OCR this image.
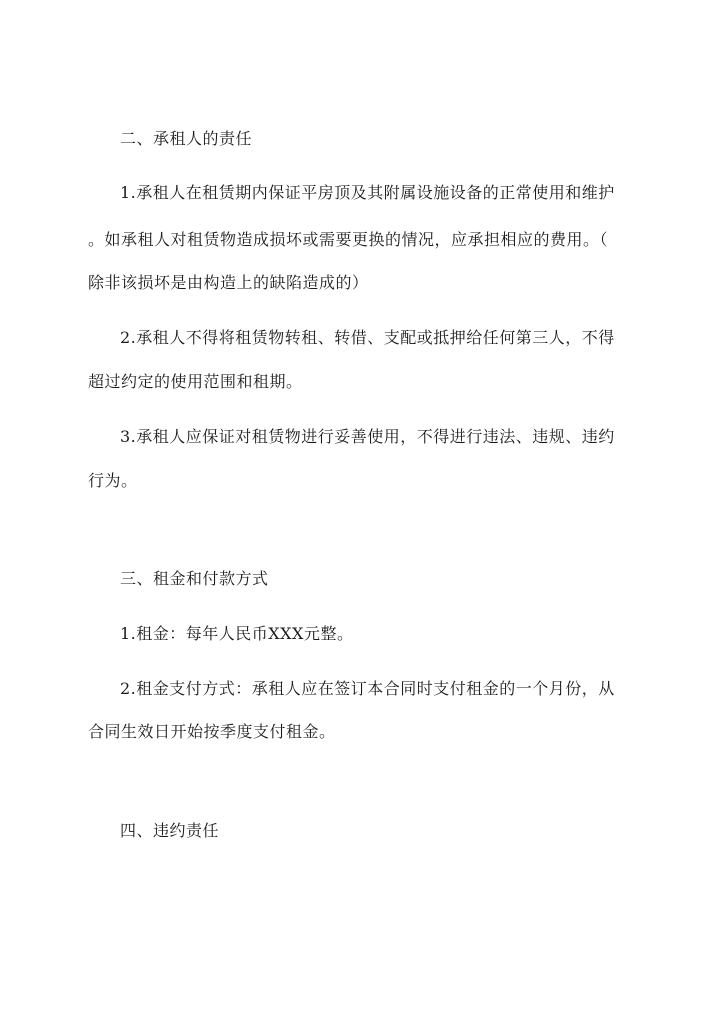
二、承租人的责任
1.承租人在租赁期内保证平房顶及其附属设施设备的正常使用和维护
。如承租人对租赁物造成损坏或需要更换的情况，应承担相应的费用。（
除非该损坏是由构造上的缺陷造成的）
2.承租人不得将租赁物转租、转借、支配或抵押给任何第三人，不得
超过约定的使用范围和租期。
3.承租人应保证对租赁物进行妥善使用，不得进行违法、违规、违约
行为。
三、租金和付款方式
1.租金：每年人民币XXX元整。
2.租金支付方式：承租人应在签订本合同时支付租金的一个月份，从
合同生效日开始按季度支付租金。
四、违约责任
